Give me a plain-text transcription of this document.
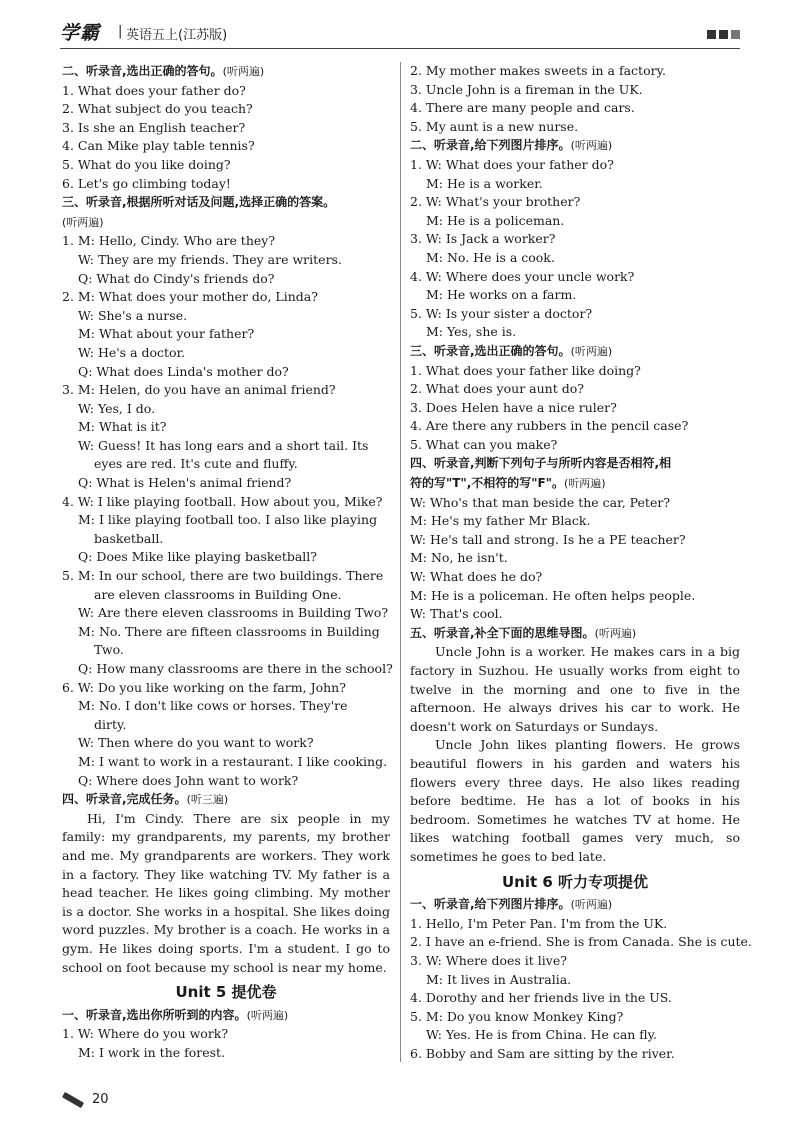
学霸 | 英语五上(江苏版)
二、听录音,选出正确的答句。(听两遍)
1. What does your father do?
2. What subject do you teach?
3. Is she an English teacher?
4. Can Mike play table tennis?
5. What do you like doing?
6. Let's go climbing today!
三、听录音,根据所听对话及问题,选择正确的答案。
(听两遍)
1. M: Hello, Cindy. Who are they?
W: They are my friends. They are writers.
Q: What do Cindy's friends do?
2. M: What does your mother do, Linda?
W: She's a nurse.
M: What about your father?
W: He's a doctor.
Q: What does Linda's mother do?
3. M: Helen, do you have an animal friend?
W: Yes, I do.
M: What is it?
W: Guess! It has long ears and a short tail. Its
eyes are red. It's cute and fluffy.
Q: What is Helen's animal friend?
4. W: I like playing football. How about you, Mike?
M: I like playing football too. I also like playing
basketball.
Q: Does Mike like playing basketball?
5. M: In our school, there are two buildings. There
are eleven classrooms in Building One.
W: Are there eleven classrooms in Building Two?
M: No. There are fifteen classrooms in Building
Two.
Q: How many classrooms are there in the school?
6. W: Do you like working on the farm, John?
M: No. I don't like cows or horses. They're
dirty.
W: Then where do you want to work?
M: I want to work in a restaurant. I like cooking.
Q: Where does John want to work?
四、听录音,完成任务。(听三遍)
Hi, I'm Cindy. There are six people in my family: my grandparents, my parents, my brother and me. My grandparents are workers. They work in a factory. They like watching TV. My father is a head teacher. He likes going climbing. My mother is a doctor. She works in a hospital. She likes doing word puzzles. My brother is a coach. He works in a gym. He likes doing sports. I'm a student. I go to school on foot because my school is near my home.
Unit 5 提优卷
一、听录音,选出你所听到的内容。(听两遍)
1. W: Where do you work?
M: I work in the forest.
2. My mother makes sweets in a factory.
3. Uncle John is a fireman in the UK.
4. There are many people and cars.
5. My aunt is a new nurse.
二、听录音,给下列图片排序。(听两遍)
1. W: What does your father do?
M: He is a worker.
2. W: What's your brother?
M: He is a policeman.
3. W: Is Jack a worker?
M: No. He is a cook.
4. W: Where does your uncle work?
M: He works on a farm.
5. W: Is your sister a doctor?
M: Yes, she is.
三、听录音,选出正确的答句。(听两遍)
1. What does your father like doing?
2. What does your aunt do?
3. Does Helen have a nice ruler?
4. Are there any rubbers in the pencil case?
5. What can you make?
四、听录音,判断下列句子与所听内容是否相符,相
符的写"T",不相符的写"F"。(听两遍)
W: Who's that man beside the car, Peter?
M: He's my father Mr Black.
W: He's tall and strong. Is he a PE teacher?
M: No, he isn't.
W: What does he do?
M: He is a policeman. He often helps people.
W: That's cool.
五、听录音,补全下面的思维导图。(听两遍)
Uncle John is a worker. He makes cars in a big factory in Suzhou. He usually works from eight to twelve in the morning and one to five in the afternoon. He always drives his car to work. He doesn't work on Saturdays or Sundays.
Uncle John likes planting flowers. He grows beautiful flowers in his garden and waters his flowers every three days. He also likes reading before bedtime. He has a lot of books in his bedroom. Sometimes he watches TV at home. He likes watching football games very much, so sometimes he goes to bed late.
Unit 6 听力专项提优
一、听录音,给下列图片排序。(听两遍)
1. Hello, I'm Peter Pan. I'm from the UK.
2. I have an e-friend. She is from Canada. She is cute.
3. W: Where does it live?
M: It lives in Australia.
4. Dorothy and her friends live in the US.
5. M: Do you know Monkey King?
W: Yes. He is from China. He can fly.
6. Bobby and Sam are sitting by the river.
20
